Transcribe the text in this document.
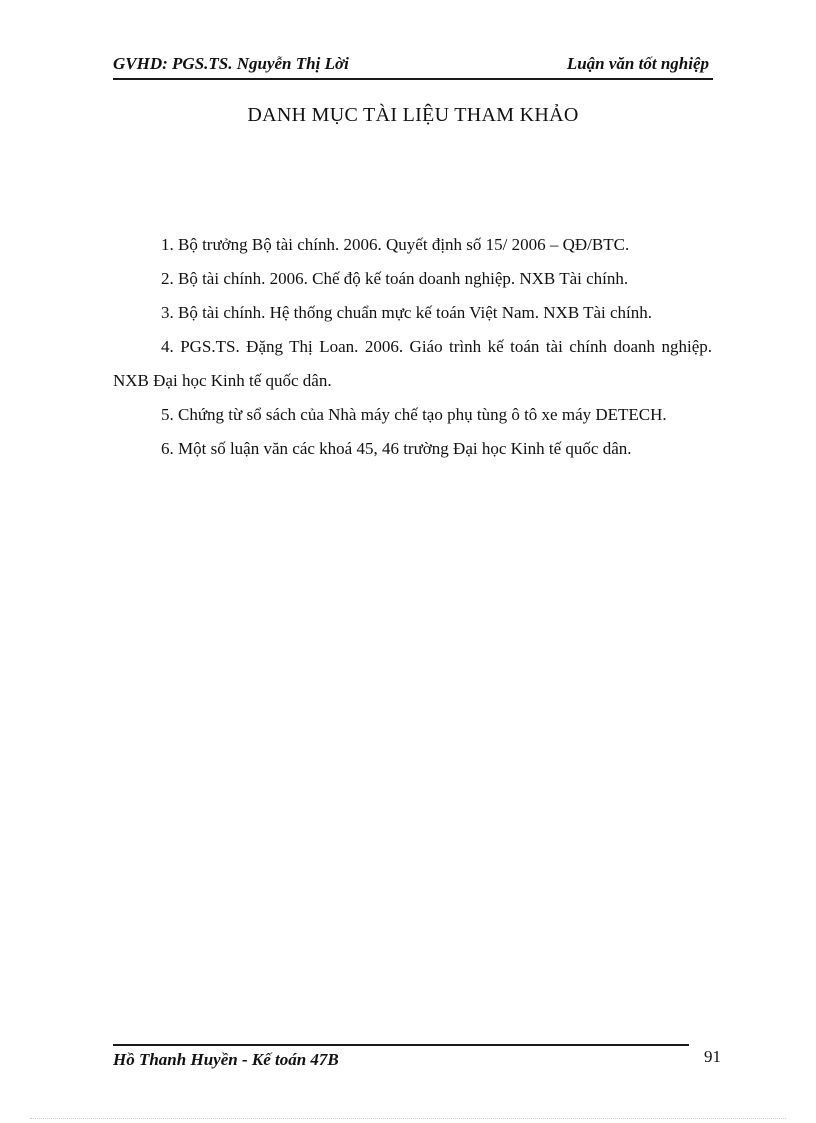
GVHD: PGS.TS. Nguyễn Thị Lời	Luận văn tốt nghiệp
DANH MỤC TÀI LIỆU THAM KHẢO
1. Bộ trưởng Bộ tài chính. 2006. Quyết định số 15/ 2006 – QĐ/BTC.
2. Bộ tài chính. 2006. Chế độ kế toán doanh nghiệp. NXB Tài chính.
3. Bộ tài chính. Hệ thống chuẩn mực kế toán Việt Nam. NXB Tài chính.
4. PGS.TS. Đặng Thị Loan. 2006. Giáo trình kế toán tài chính doanh nghiệp. NXB Đại học Kinh tế quốc dân.
5. Chứng từ sổ sách của Nhà máy chế tạo phụ tùng ô tô xe máy DETECH.
6. Một số luận văn các khoá 45, 46 trường Đại học Kinh tế quốc dân.
Hồ Thanh Huyền - Kế toán 47B	91
